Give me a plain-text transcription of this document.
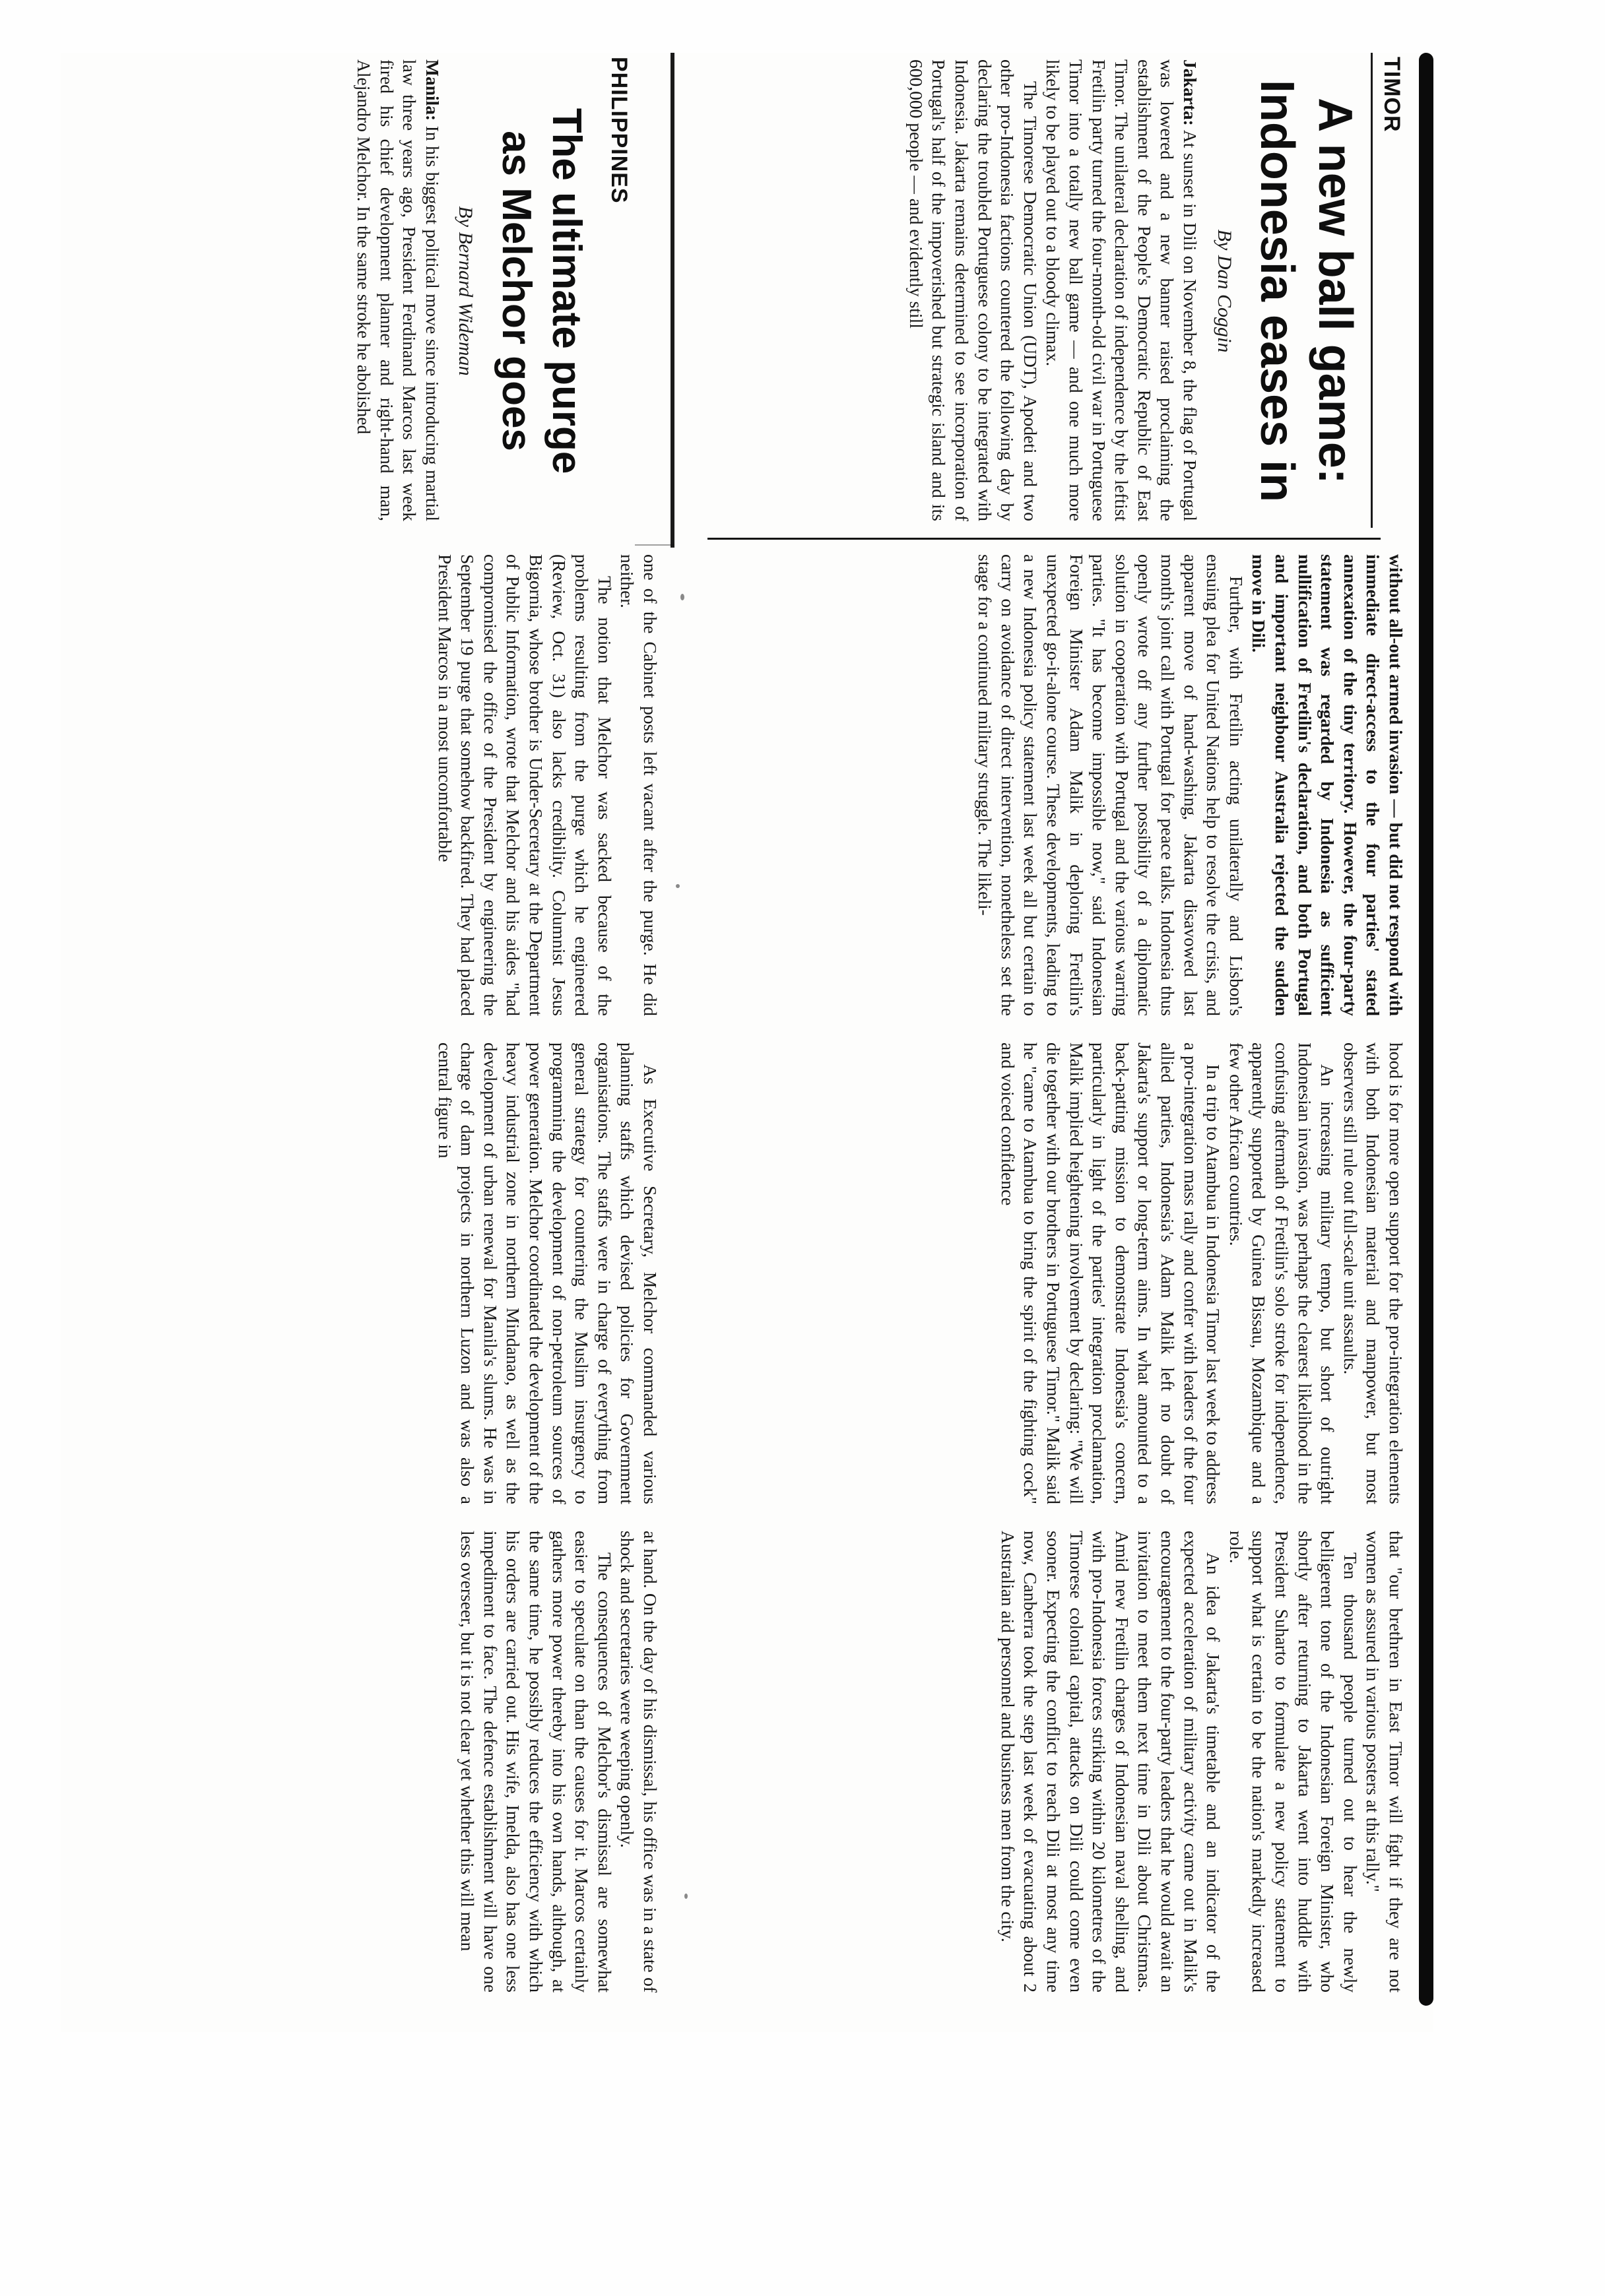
TIMOR
A new ball game:
Indonesia eases in
By Dan Coggin

Jakarta: At sunset in Dili on November 8, the flag of Portugal was lowered and a new banner raised proclaiming the establishment of the People's Democratic Republic of East Timor. The unilateral declaration of independence by the leftist Fretilin party turned the four-month-old civil war in Portuguese Timor into a totally new ball game — and one much more likely to be played out to a bloody climax.

The Timorese Democratic Union (UDT), Apodeti and two other pro-Indonesia factions countered the following day by declaring the troubled Portuguese colony to be integrated with Indonesia. Jakarta remains determined to see incorporation of Portugal's half of the impoverished but strategic island and its 600,000 people — and evidently still

without all-out armed invasion — but did not respond with immediate direct-access to the four parties' stated annexation of the tiny territory. However, the four-party statement was regarded by Indonesia as sufficient nullification of Fretilin's declaration, and both Portugal and important neighbour Australia rejected the sudden move in Dili.

Further, with Fretilin acting unilaterally and Lisbon's ensuing plea for United Nations help to resolve the crisis, and apparent move of hand-washing, Jakarta disavowed last month's joint call with Portugal for peace talks. Indonesia thus openly wrote off any further possibility of a diplomatic solution in cooperation with Portugal and the various warring parties. "It has become impossible now," said Indonesian Foreign Minister Adam Malik in deploring Fretilin's unexpected go-it-alone course. These developments, leading to a new Indonesia policy statement last week all but certain to carry on avoidance of direct intervention, nonetheless set the stage for a continued military struggle. The likeli-

hood is for more open support for the pro-integration elements with both Indonesian material and manpower, but most observers still rule out full-scale unit assaults.

An increasing military tempo, but short of outright Indonesian invasion, was perhaps the clearest likelihood in the confusing aftermath of Fretilin's solo stroke for independence, apparently supported by Guinea Bissau, Mozambique and a few other African countries.

In a trip to Atambua in Indonesia Timor last week to address a pro-integration mass rally and confer with leaders of the four allied parties, Indonesia's Adam Malik left no doubt of Jakarta's support or long-term aims. In what amounted to a back-patting mission to demonstrate Indonesia's concern, particularly in light of the parties' integration proclamation, Malik implied heightening involvement by declaring: "We will die together with our brothers in Portuguese Timor." Malik said he "came to Atambua to bring the spirit of the fighting cock" and voiced confidence

that "our brethren in East Timor will fight if they are not women as assured in various posters at this rally."

Ten thousand people turned out to hear the newly belligerent tone of the Indonesian Foreign Minister, who shortly after returning to Jakarta went into huddle with President Suharto to formulate a new policy statement to support what is certain to be the nation's markedly increased role.

An idea of Jakarta's timetable and an indicator of the expected acceleration of military activity came out in Malik's encouragement to the four-party leaders that he would await an invitation to meet them next time in Dili about Christmas. Amid new Fretilin charges of Indonesian naval shelling, and with pro-Indonesia forces striking within 20 kilometres of the Timorese colonial capital, attacks on Dili could come even sooner. Expecting the conflict to reach Dili at most any time now, Canberra took the step last week of evacuating about 2 Australian aid personnel and business men from the city.

PHILIPPINES
The ultimate purge
as Melchor goes
By Bernard Wideman

Manila: In his biggest political move since introducing martial law three years ago, President Ferdinand Marcos last week fired his chief development planner and right-hand man, Alejandro Melchor. In the same stroke he abolished

one of the Cabinet posts left vacant after the purge. He did neither.

The notion that Melchor was sacked because of the problems resulting from the purge which he engineered (Review, Oct. 31) also lacks credibility. Columnist Jesus Bigornia, whose brother is Under-Secretary at the Department of Public Information, wrote that Melchor and his aides "had compromised the office of the President by engineering the September 19 purge that somehow backfired. They had placed President Marcos in a most uncomfortable

As Executive Secretary, Melchor commanded various planning staffs which devised policies for Government organisations. The staffs were in charge of everything from general strategy for countering the Muslim insurgency to programming the development of non-petroleum sources of power generation. Melchor coordinated the development of the heavy industrial zone in northern Mindanao, as well as the development of urban renewal for Manila's slums. He was in charge of dam projects in northern Luzon and was also a central figure in

at hand. On the day of his dismissal, his office was in a state of shock and secretaries were weeping openly.

The consequences of Melchor's dismissal are somewhat easier to speculate on than the causes for it. Marcos certainly gathers more power thereby into his own hands, although, at the same time, he possibly reduces the efficiency with which his orders are carried out. His wife, Imelda, also has one less impediment to face. The defence establishment will have one less overseer, but it is not clear yet whether this will mean
